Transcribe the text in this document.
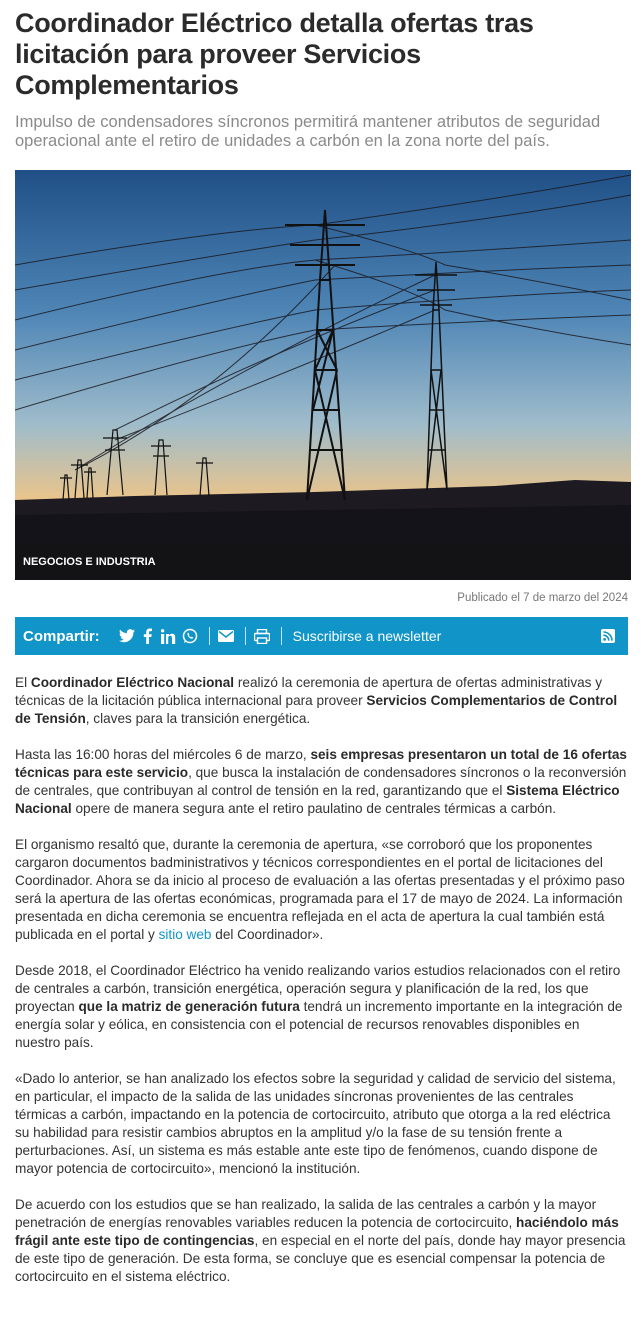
Coordinador Eléctrico detalla ofertas tras licitación para proveer Servicios Complementarios
Impulso de condensadores síncronos permitirá mantener atributos de seguridad operacional ante el retiro de unidades a carbón en la zona norte del país.
NEGOCIOS E INDUSTRIA
Publicado el 7 de marzo del 2024
Compartir:	Suscribirse a newsletter

El Coordinador Eléctrico Nacional realizó la ceremonia de apertura de ofertas administrativas y técnicas de la licitación pública internacional para proveer Servicios Complementarios de Control de Tensión, claves para la transición energética.

Hasta las 16:00 horas del miércoles 6 de marzo, seis empresas presentaron un total de 16 ofertas técnicas para este servicio, que busca la instalación de condensadores síncronos o la reconversión de centrales, que contribuyan al control de tensión en la red, garantizando que el Sistema Eléctrico Nacional opere de manera segura ante el retiro paulatino de centrales térmicas a carbón.

El organismo resaltó que, durante la ceremonia de apertura, «se corroboró que los proponentes cargaron documentos badministrativos y técnicos correspondientes en el portal de licitaciones del Coordinador. Ahora se da inicio al proceso de evaluación a las ofertas presentadas y el próximo paso será la apertura de las ofertas económicas, programada para el 17 de mayo de 2024. La información presentada en dicha ceremonia se encuentra reflejada en el acta de apertura la cual también está publicada en el portal y sitio web del Coordinador».

Desde 2018, el Coordinador Eléctrico ha venido realizando varios estudios relacionados con el retiro de centrales a carbón, transición energética, operación segura y planificación de la red, los que proyectan que la matriz de generación futura tendrá un incremento importante en la integración de energía solar y eólica, en consistencia con el potencial de recursos renovables disponibles en nuestro país.

«Dado lo anterior, se han analizado los efectos sobre la seguridad y calidad de servicio del sistema, en particular, el impacto de la salida de las unidades síncronas provenientes de las centrales térmicas a carbón, impactando en la potencia de cortocircuito, atributo que otorga a la red eléctrica su habilidad para resistir cambios abruptos en la amplitud y/o la fase de su tensión frente a perturbaciones. Así, un sistema es más estable ante este tipo de fenómenos, cuando dispone de mayor potencia de cortocircuito», mencionó la institución.

De acuerdo con los estudios que se han realizado, la salida de las centrales a carbón y la mayor penetración de energías renovables variables reducen la potencia de cortocircuito, haciéndolo más frágil ante este tipo de contingencias, en especial en el norte del país, donde hay mayor presencia de este tipo de generación. De esta forma, se concluye que es esencial compensar la potencia de cortocircuito en el sistema eléctrico.
